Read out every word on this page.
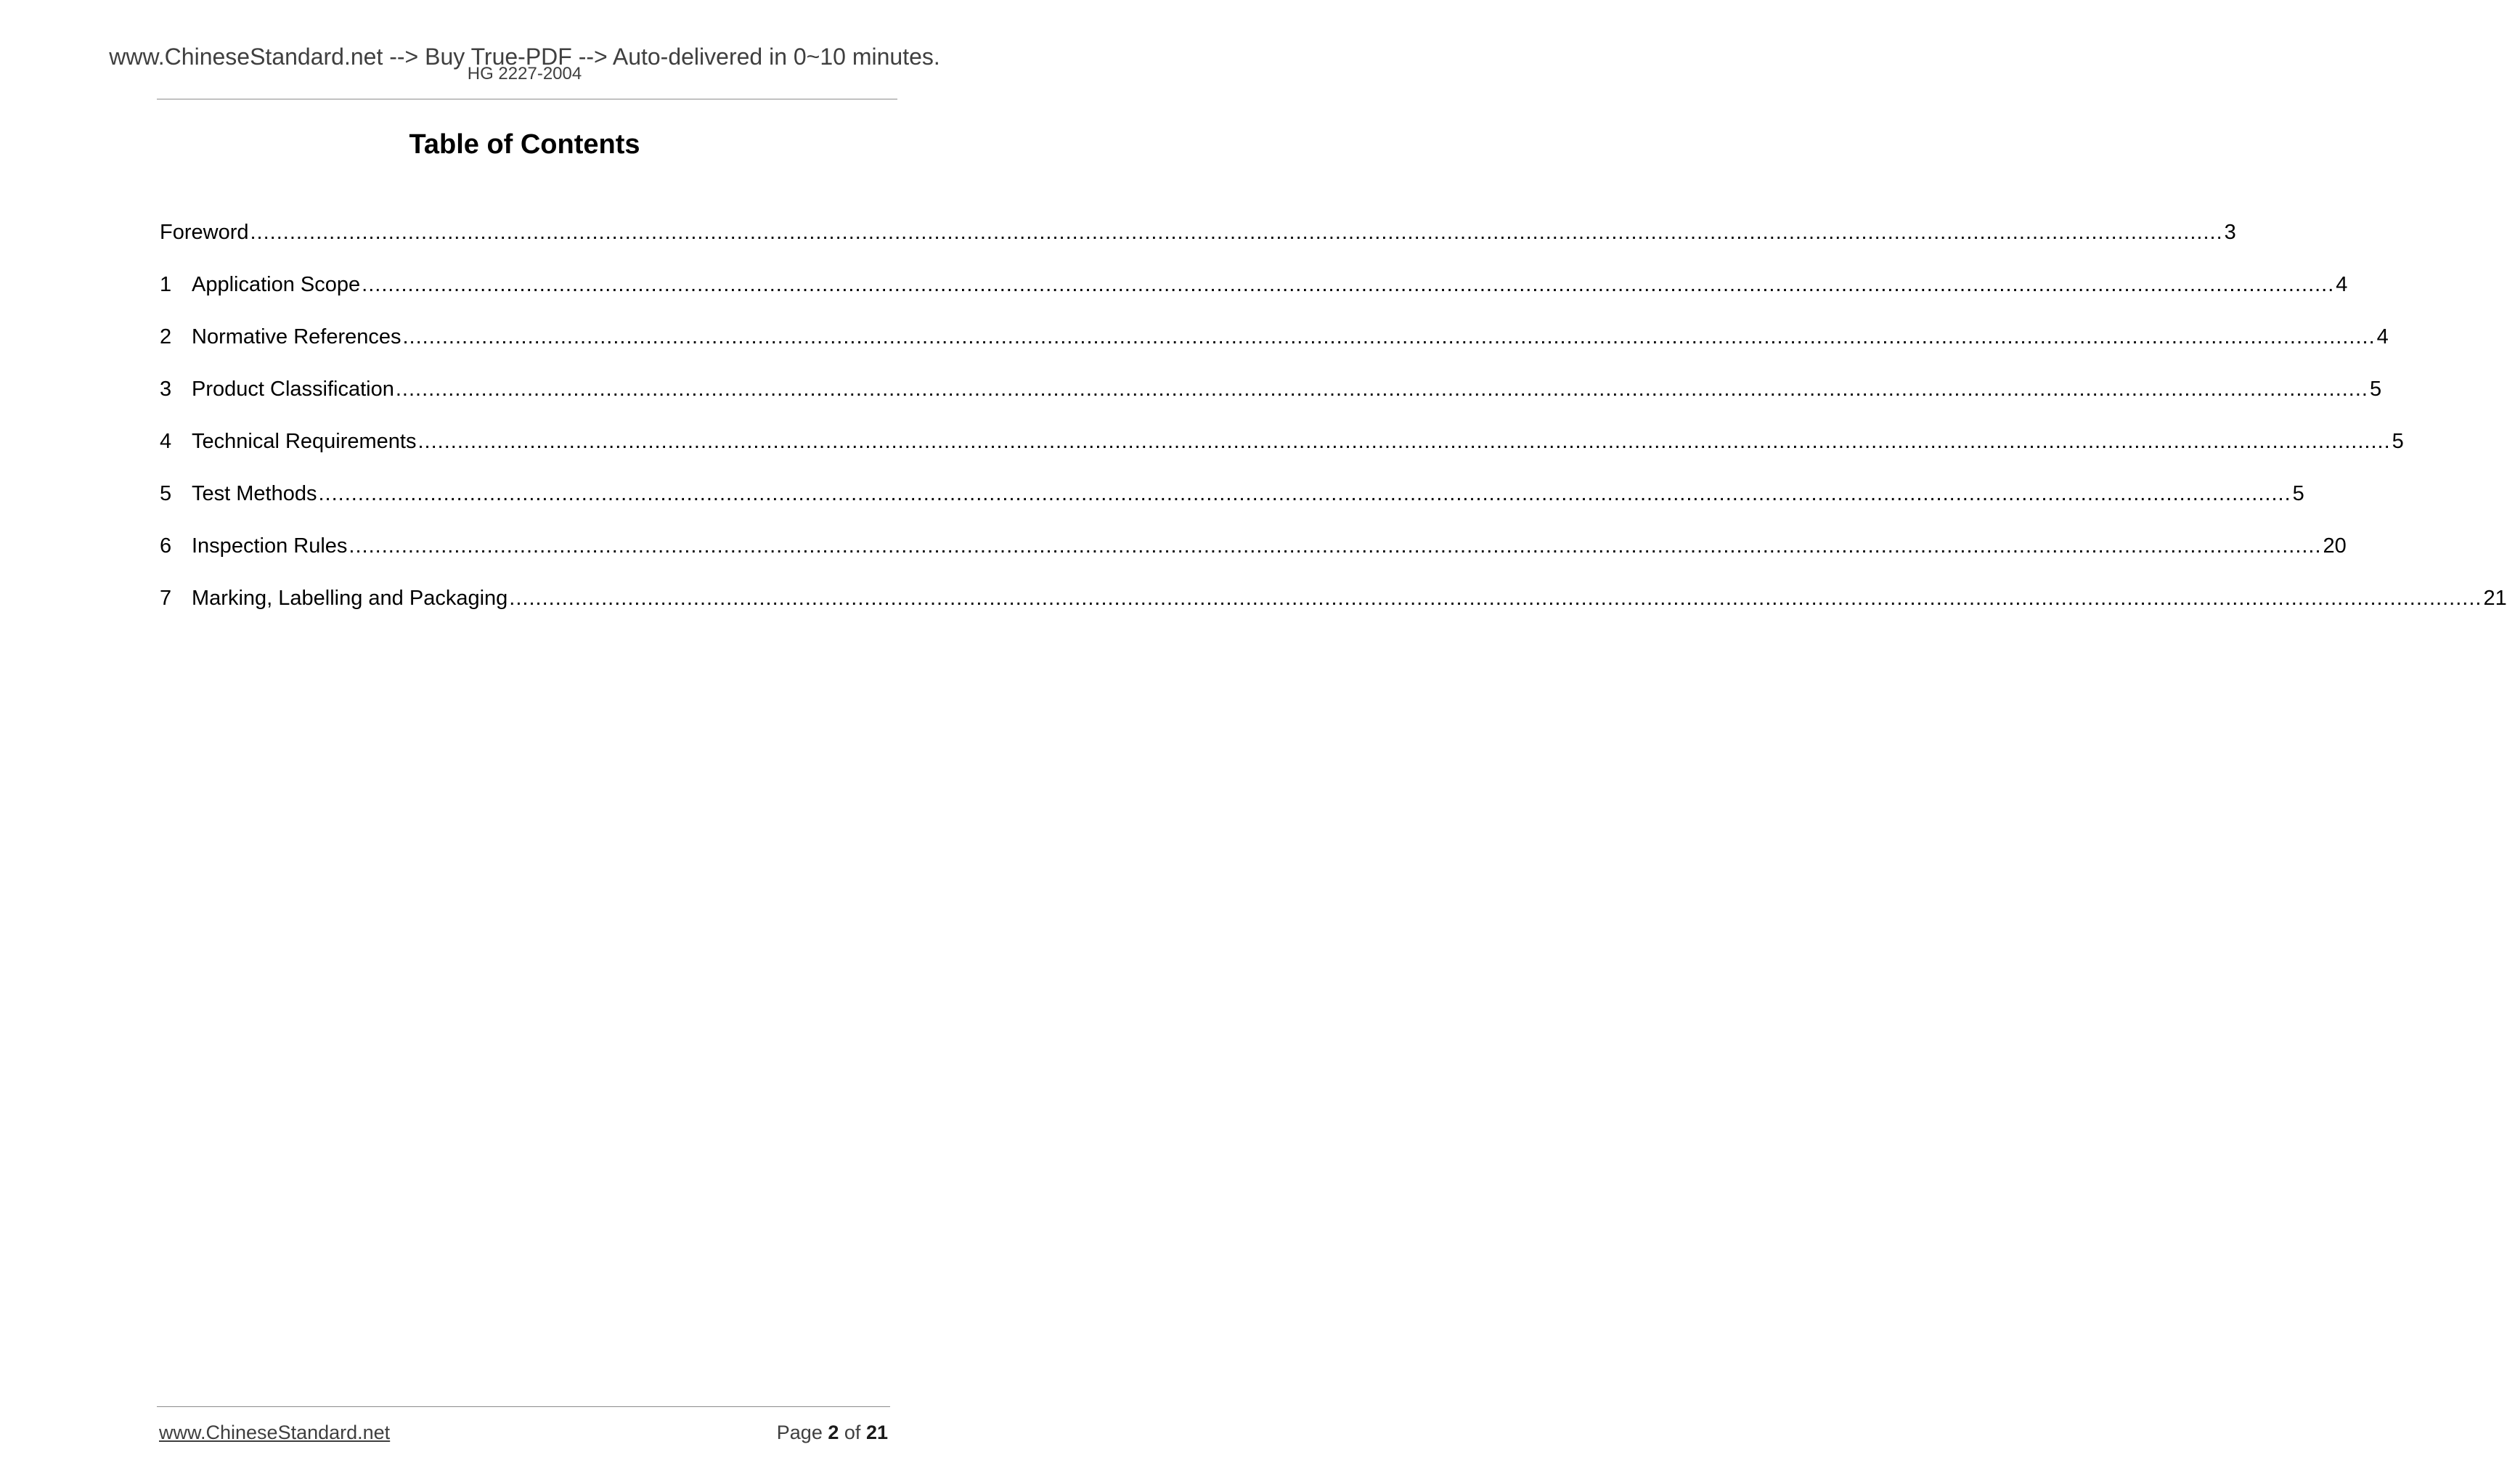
www.ChineseStandard.net --> Buy True-PDF --> Auto-delivered in 0~10 minutes.
HG 2227-2004
Table of Contents
Foreword ............................................................................................................................................................................................................................................................................................................ 3
1 Application Scope ............................................................................................................................................................................................................................................................................................................ 4
2 Normative References ............................................................................................................................................................................................................................................................................................................ 4
3 Product Classification ............................................................................................................................................................................................................................................................................................................ 5
4 Technical Requirements ............................................................................................................................................................................................................................................................................................................ 5
5 Test Methods ............................................................................................................................................................................................................................................................................................................ 5
6 Inspection Rules ............................................................................................................................................................................................................................................................................................................ 20
7 Marking, Labelling and Packaging ............................................................................................................................................................................................................................................................................................................ 21
www.ChineseStandard.net	Page 2 of 21
